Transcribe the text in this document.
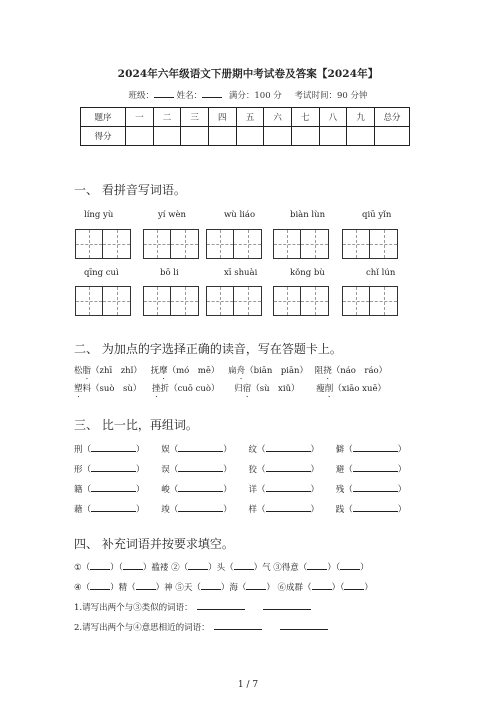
2024年六年级语文下册期中考试卷及答案【2024年】
班级：	姓名：	满分：100 分 考试时间：90 分钟
题序	一	二	三	四	五	六	七	八	九	总分
得分										
一、 看拼音写词语。
líng yù	yí wèn	wù liáo	biàn lùn	qiū yǐn
qīng cuì	bō li	xī shuài	kǒng bù	chǐ lún
二、 为加点的字选择正确的读音，写在答题卡上。
松脂（zhī　zhǐ） 抚摩（mó　mē） 扁舟（biān　piān） 阻挠（náo　ráo）
塑料（suò　sù） 挫折（cuō cuò） 归宿（sù　xiǔ） 瘦削（xiāo xuē）
三、 比一比，再组词。
刑（	） 娱（	） 纹（	） 僻（	）
形（	） 误（	） 狡（	） 避（	）
籍（	） 峻（	） 详（	） 残（	）
藉（	） 竣（	） 样（	） 践（	）
四、 补充词语并按要求填空。
①（ ）（ ）褴褛 ②（ ）头（ ）气 ③得意（ ）（ ）
④（ ）精（ ）神 ⑤天（ ）海（ ） ⑥成群（ ）（ ）
1.请写出两个与③类似的词语：
2.请写出两个与④意思相近的词语：
1 / 7
